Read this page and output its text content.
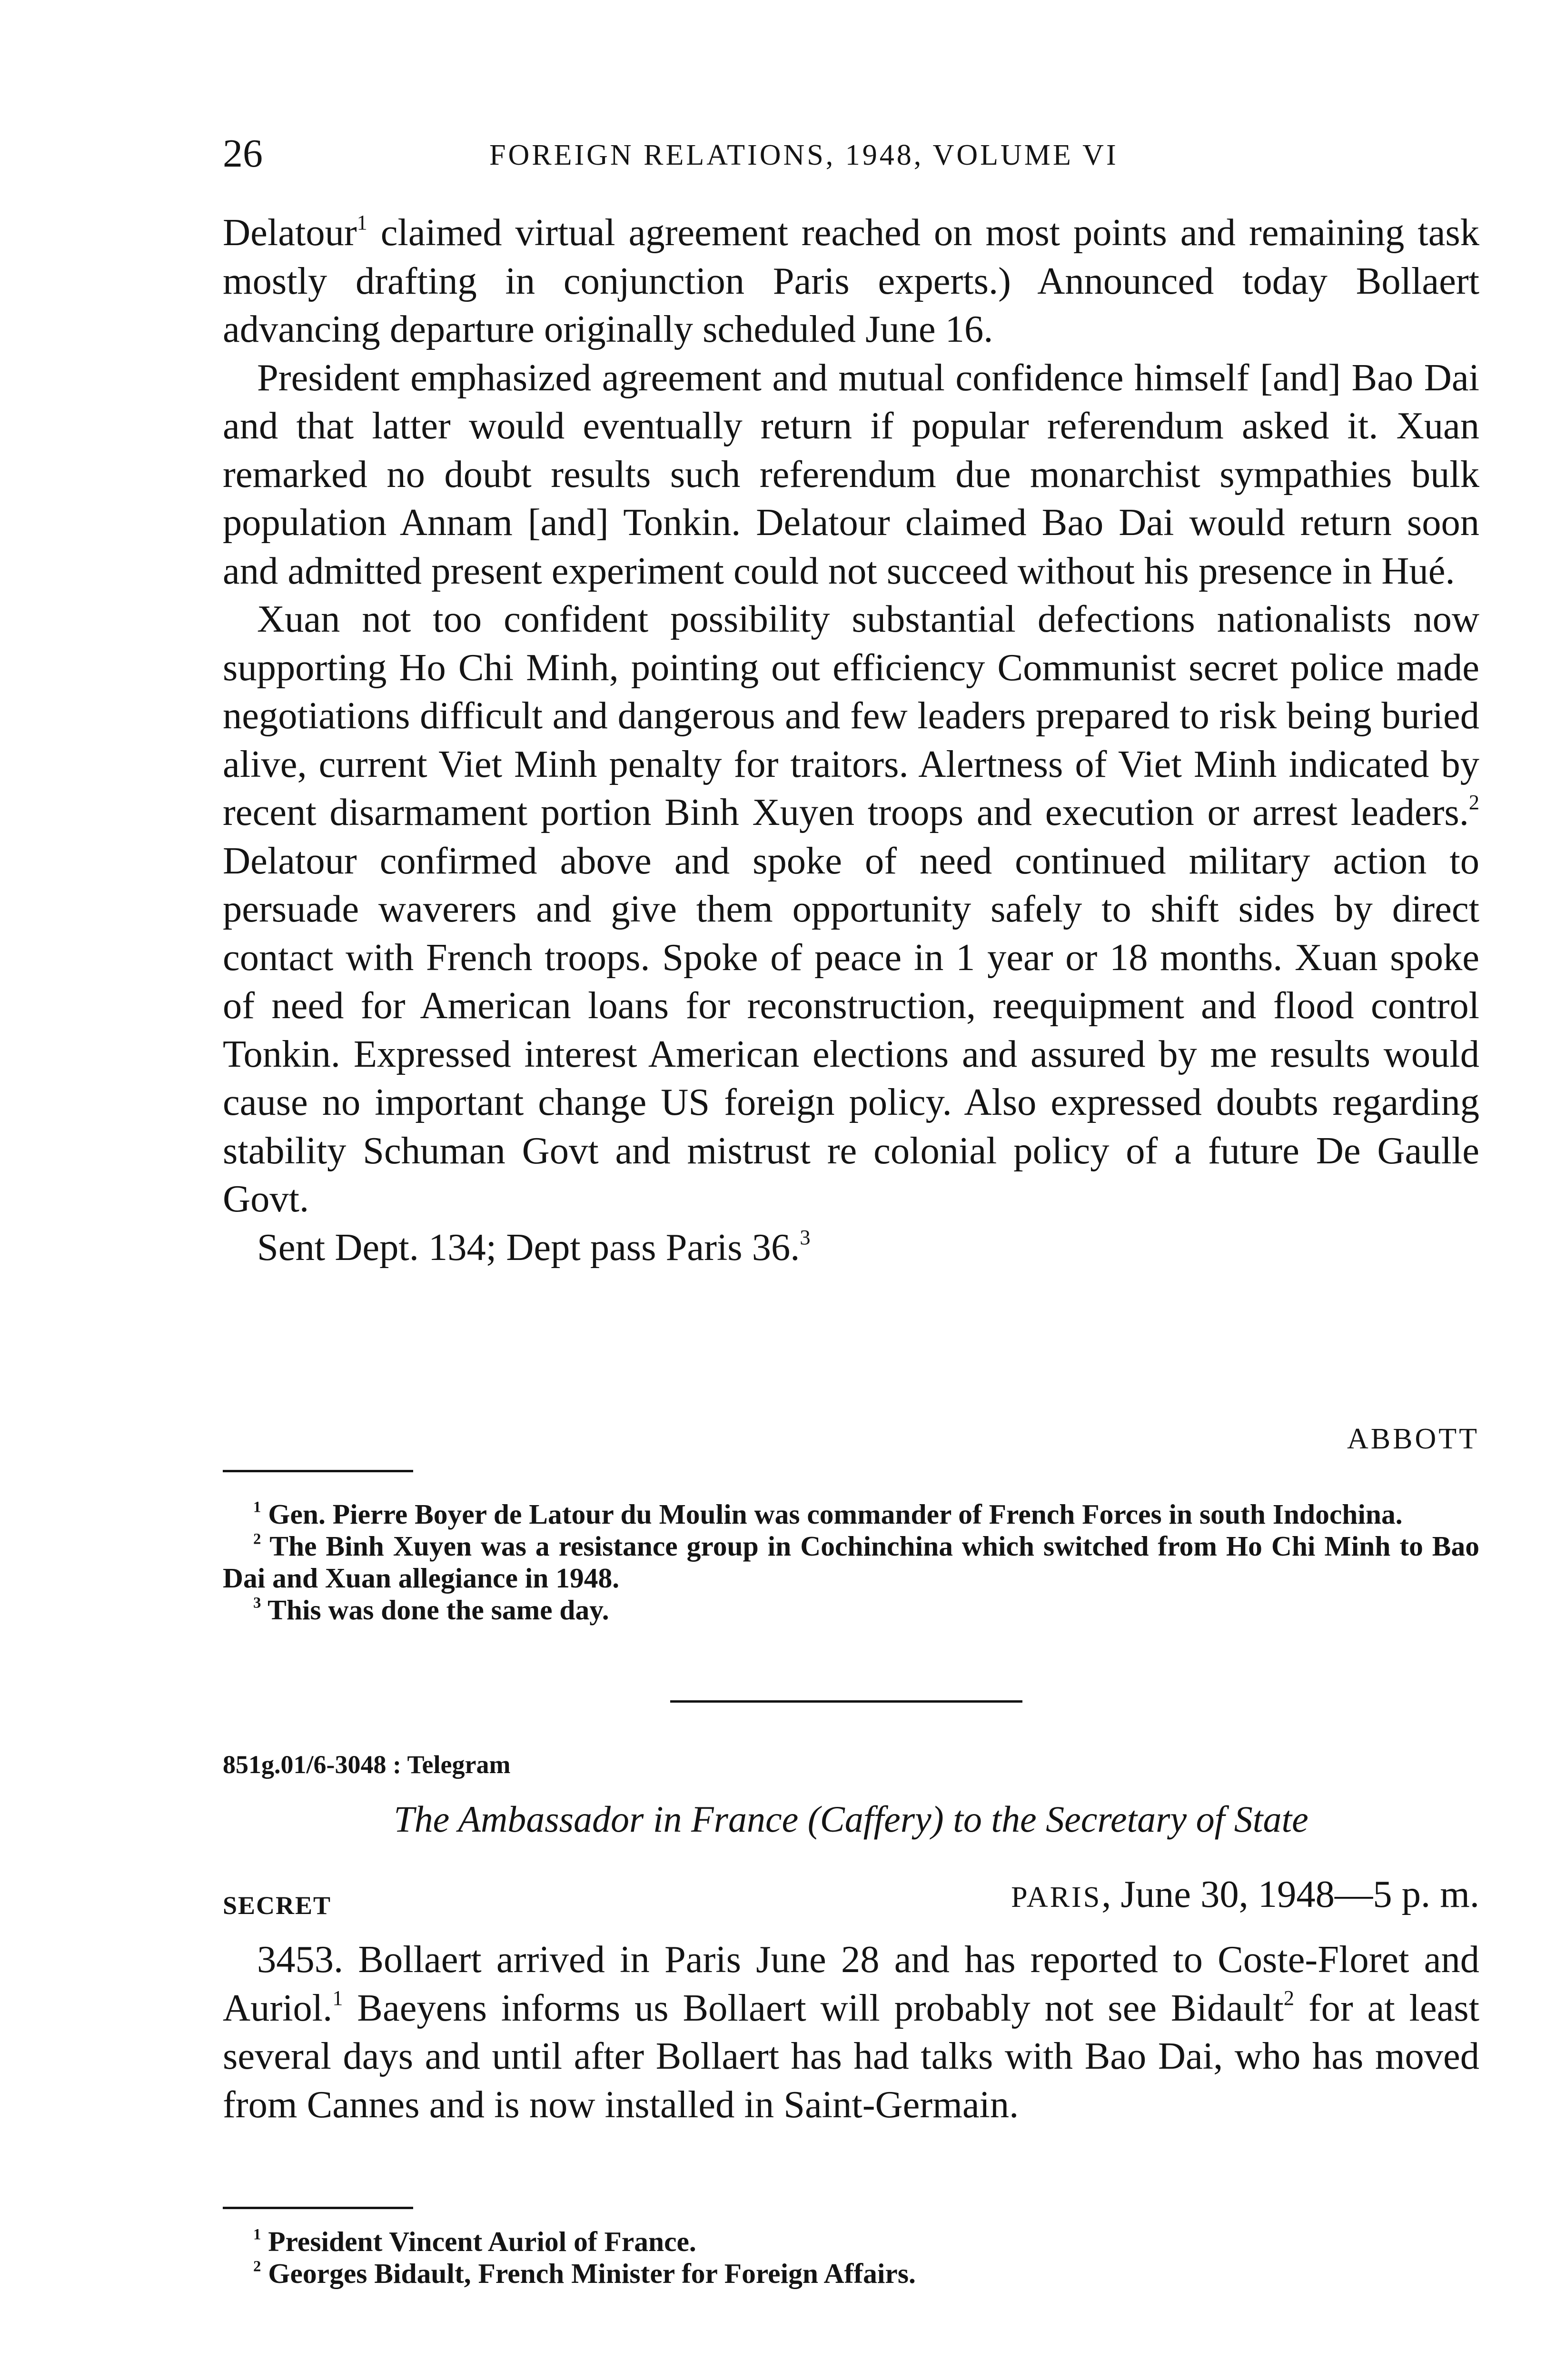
26	FOREIGN RELATIONS, 1948, VOLUME VI

Delatour$^1$ claimed virtual agreement reached on most points and remaining task mostly drafting in conjunction Paris experts.) Announced today Bollaert advancing departure originally scheduled June 16.

President emphasized agreement and mutual confidence himself [and] Bao Dai and that latter would eventually return if popular referendum asked it. Xuan remarked no doubt results such referendum due monarchist sympathies bulk population Annam [and] Tonkin. Delatour claimed Bao Dai would return soon and admitted present experiment could not succeed without his presence in Hué.

Xuan not too confident possibility substantial defections nationalists now supporting Ho Chi Minh, pointing out efficiency Communist secret police made negotiations difficult and dangerous and few leaders prepared to risk being buried alive, current Viet Minh penalty for traitors. Alertness of Viet Minh indicated by recent disarmament portion Binh Xuyen troops and execution or arrest leaders.$^2$ Delatour confirmed above and spoke of need continued military action to persuade waverers and give them opportunity safely to shift sides by direct contact with French troops. Spoke of peace in 1 year or 18 months. Xuan spoke of need for American loans for reconstruction, reequipment and flood control Tonkin. Expressed interest American elections and assured by me results would cause no important change US foreign policy. Also expressed doubts regarding stability Schuman Govt and mistrust re colonial policy of a future De Gaulle Govt.

Sent Dept. 134; Dept pass Paris 36.$^3$

ABBOTT

$^1$ Gen. Pierre Boyer de Latour du Moulin was commander of French Forces in south Indochina.

$^2$ The Binh Xuyen was a resistance group in Cochinchina which switched from Ho Chi Minh to Bao Dai and Xuan allegiance in 1948.

$^3$ This was done the same day.

851g.01/6-3048 : Telegram
The Ambassador in France (Caffery) to the Secretary of State
SECRET	PARIS, June 30, 1948—5 p. m.

3453. Bollaert arrived in Paris June 28 and has reported to Coste-Floret and Auriol.$^1$ Baeyens informs us Bollaert will probably not see Bidault$^2$ for at least several days and until after Bollaert has had talks with Bao Dai, who has moved from Cannes and is now installed in Saint-Germain.

$^1$ President Vincent Auriol of France.

$^2$ Georges Bidault, French Minister for Foreign Affairs.
